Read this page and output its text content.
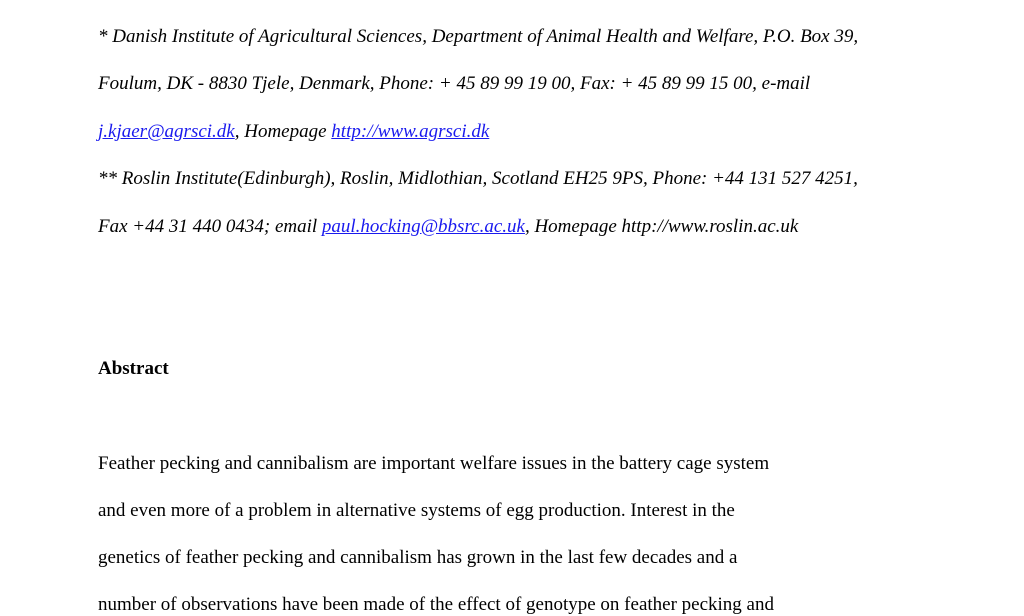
* Danish Institute of Agricultural Sciences, Department of Animal Health and Welfare, P.O. Box 39,
Foulum, DK - 8830 Tjele, Denmark, Phone: + 45 89 99 19 00, Fax: + 45 89 99 15 00, e-mail
j.kjaer@agrsci.dk, Homepage http://www.agrsci.dk
** Roslin Institute(Edinburgh), Roslin, Midlothian, Scotland EH25 9PS, Phone: +44 131 527 4251,
Fax +44 31 440 0434; email paul.hocking@bbsrc.ac.uk, Homepage http://www.roslin.ac.uk
Abstract
Feather pecking and cannibalism are important welfare issues in the battery cage system
and even more of a problem in alternative systems of egg production. Interest in the
genetics of feather pecking and cannibalism has grown in the last few decades and a
number of observations have been made of the effect of genotype on feather pecking and
